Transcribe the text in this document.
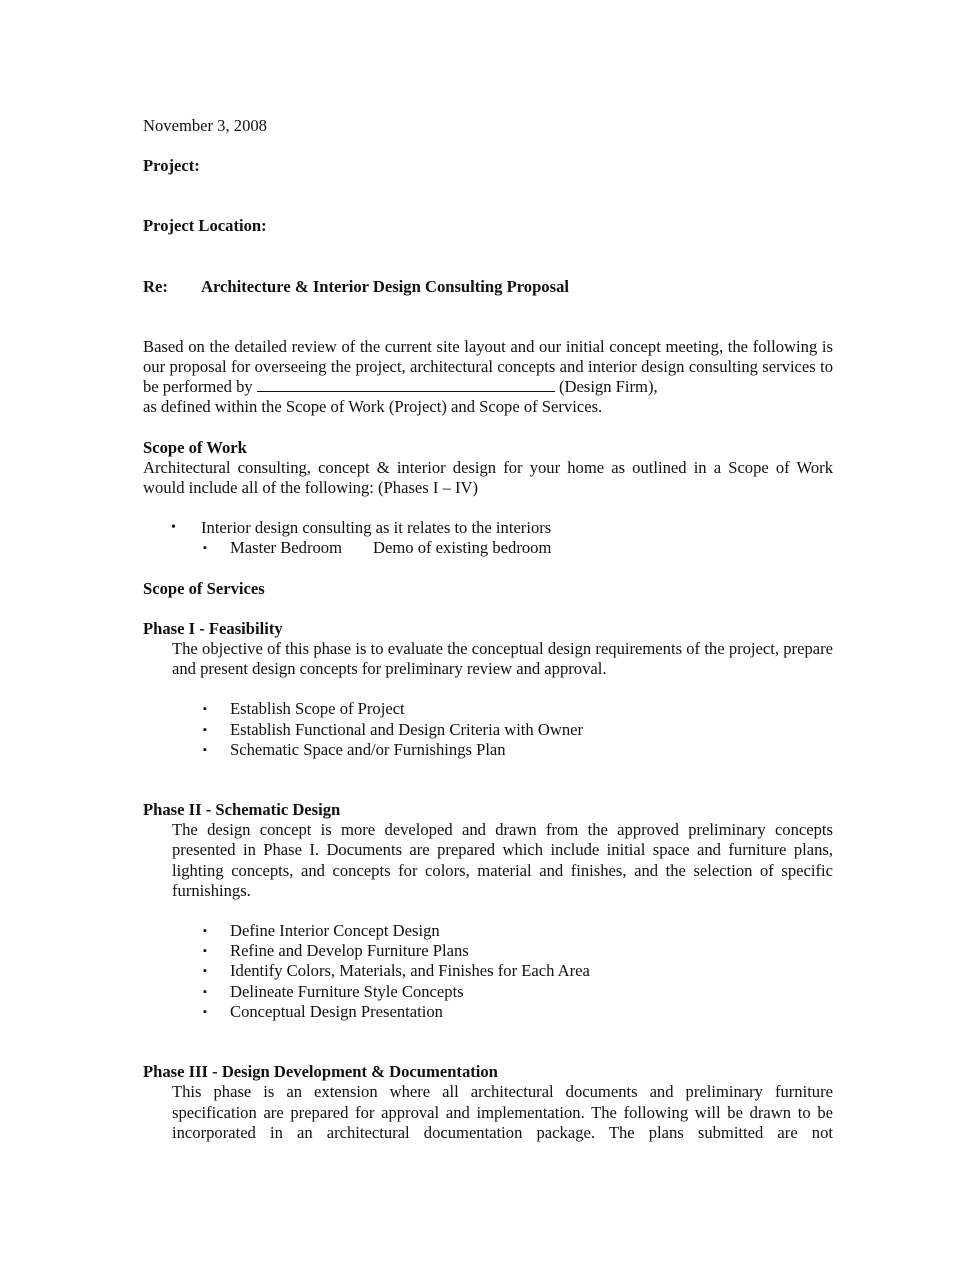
November 3, 2008

Project:

Project Location:

Re: Architecture & Interior Design Consulting Proposal

Based on the detailed review of the current site layout and our initial concept meeting, the following is our proposal for overseeing the project, architectural concepts and interior design consulting services to be performed by	(Design Firm),

as defined within the Scope of Work (Project) and Scope of Services.

Scope of Work

Architectural consulting, concept & interior design for your home as outlined in a Scope of Work would include all of the following: (Phases I – IV)

• Interior design consulting as it relates to the interiors
▪ Master Bedroom Demo of existing bedroom

Scope of Services

Phase I - Feasibility

The objective of this phase is to evaluate the conceptual design requirements of the project, prepare and present design concepts for preliminary review and approval.

▪ Establish Scope of Project
▪ Establish Functional and Design Criteria with Owner
▪ Schematic Space and/or Furnishings Plan

Phase II - Schematic Design

The design concept is more developed and drawn from the approved preliminary concepts presented in Phase I. Documents are prepared which include initial space and furniture plans, lighting concepts, and concepts for colors, material and finishes, and the selection of specific furnishings.

▪ Define Interior Concept Design
▪ Refine and Develop Furniture Plans
▪ Identify Colors, Materials, and Finishes for Each Area
▪ Delineate Furniture Style Concepts
▪ Conceptual Design Presentation

Phase III - Design Development & Documentation

This phase is an extension where all architectural documents and preliminary furniture specification are prepared for approval and implementation. The following will be drawn to be incorporated in an architectural documentation package. The plans submitted are not
